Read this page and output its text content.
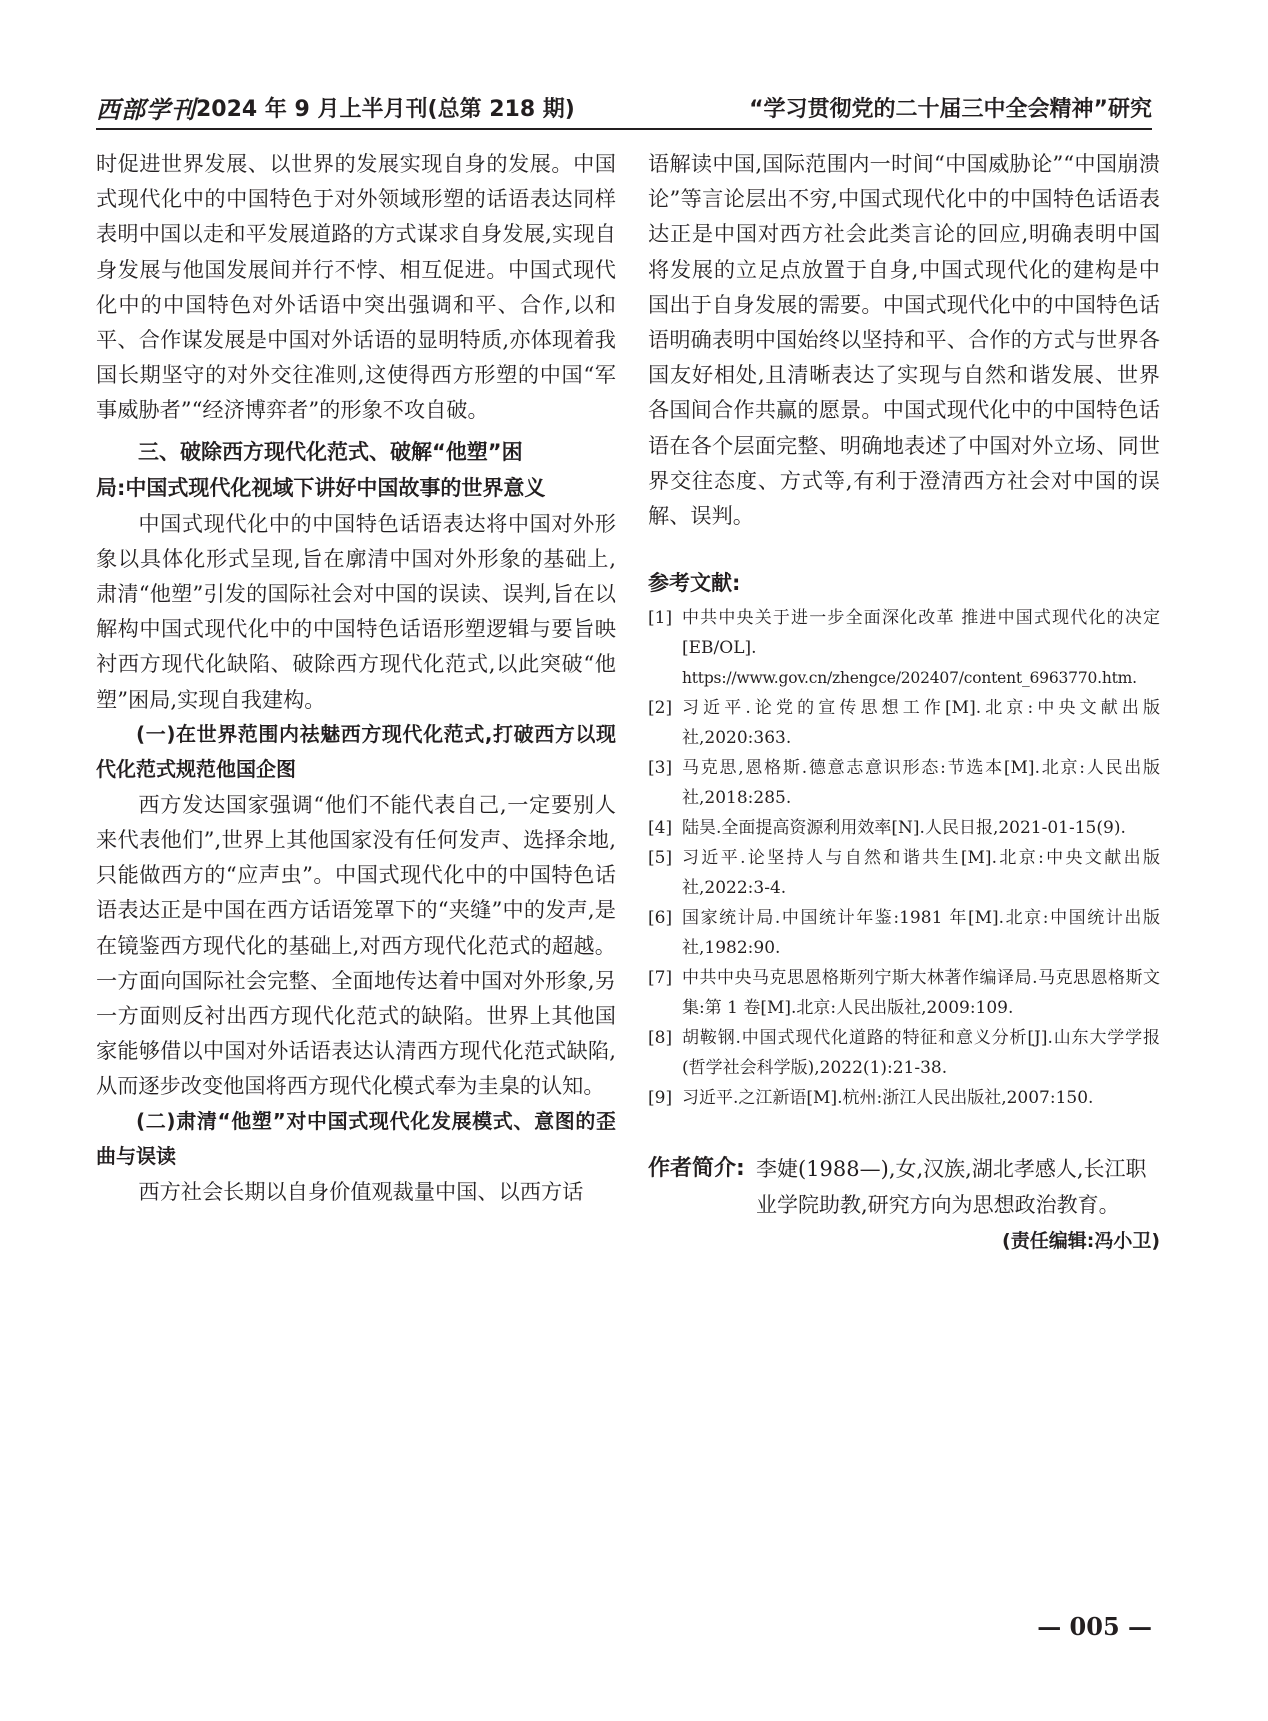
西部学刊 2024 年 9 月上半月刊(总第 218 期)	“学习贯彻党的二十届三中全会精神”研究

时促进世界发展、以世界的发展实现自身的发展。中国式现代化中的中国特色于对外领域形塑的话语表达同样表明中国以走和平发展道路的方式谋求自身发展,实现自身发展与他国发展间并行不悖、相互促进。中国式现代化中的中国特色对外话语中突出强调和平、合作,以和平、合作谋发展是中国对外话语的显明特质,亦体现着我国长期坚守的对外交往准则,这使得西方形塑的中国“军事威胁者”“经济博弈者”的形象不攻自破。

三、破除西方现代化范式、破解“他塑”困
局:中国式现代化视域下讲好中国故事的世界意义

中国式现代化中的中国特色话语表达将中国对外形象以具体化形式呈现,旨在廓清中国对外形象的基础上,肃清“他塑”引发的国际社会对中国的误读、误判,旨在以解构中国式现代化中的中国特色话语形塑逻辑与要旨映衬西方现代化缺陷、破除西方现代化范式,以此突破“他塑”困局,实现自我建构。

(一)在世界范围内祛魅西方现代化范式,打破西方以现代化范式规范他国企图

西方发达国家强调“他们不能代表自己,一定要别人来代表他们”,世界上其他国家没有任何发声、选择余地,只能做西方的“应声虫”。中国式现代化中的中国特色话语表达正是中国在西方话语笼罩下的“夹缝”中的发声,是在镜鉴西方现代化的基础上,对西方现代化范式的超越。一方面向国际社会完整、全面地传达着中国对外形象,另一方面则反衬出西方现代化范式的缺陷。世界上其他国家能够借以中国对外话语表达认清西方现代化范式缺陷,从而逐步改变他国将西方现代化模式奉为圭臬的认知。

(二)肃清“他塑”对中国式现代化发展模式、意图的歪曲与误读

西方社会长期以自身价值观裁量中国、以西方话

语解读中国,国际范围内一时间“中国威胁论”“中国崩溃论”等言论层出不穷,中国式现代化中的中国特色话语表达正是中国对西方社会此类言论的回应,明确表明中国将发展的立足点放置于自身,中国式现代化的建构是中国出于自身发展的需要。中国式现代化中的中国特色话语明确表明中国始终以坚持和平、合作的方式与世界各国友好相处,且清晰表达了实现与自然和谐发展、世界各国间合作共赢的愿景。中国式现代化中的中国特色话语在各个层面完整、明确地表述了中国对外立场、同世界交往态度、方式等,有利于澄清西方社会对中国的误解、误判。

参考文献:
[1] 中共中央关于进一步全面深化改革 推进中国式现代化的决定[EB/OL].
https://www.gov.cn/zhengce/202407/content_6963770.htm.
[2] 习近平.论党的宣传思想工作[M].北京:中央文献出版社,2020:363.
[3] 马克思,恩格斯.德意志意识形态:节选本[M].北京:人民出版社,2018:285.
[4] 陆昊.全面提高资源利用效率[N].人民日报,2021-01-15(9).
[5] 习近平.论坚持人与自然和谐共生[M].北京:中央文献出版社,2022:3-4.
[6] 国家统计局.中国统计年鉴:1981 年[M].北京:中国统计出版社,1982:90.
[7] 中共中央马克思恩格斯列宁斯大林著作编译局.马克思恩格斯文集:第 1 卷[M].北京:人民出版社,2009:109.
[8] 胡鞍钢.中国式现代化道路的特征和意义分析[J].山东大学学报(哲学社会科学版),2022(1):21-38.
[9] 习近平.之江新语[M].杭州:浙江人民出版社,2007:150.
作者简介: 李婕(1988—),女,汉族,湖北孝感人,长江职业学院助教,研究方向为思想政治教育。
(责任编辑:冯小卫)
— 005 —
